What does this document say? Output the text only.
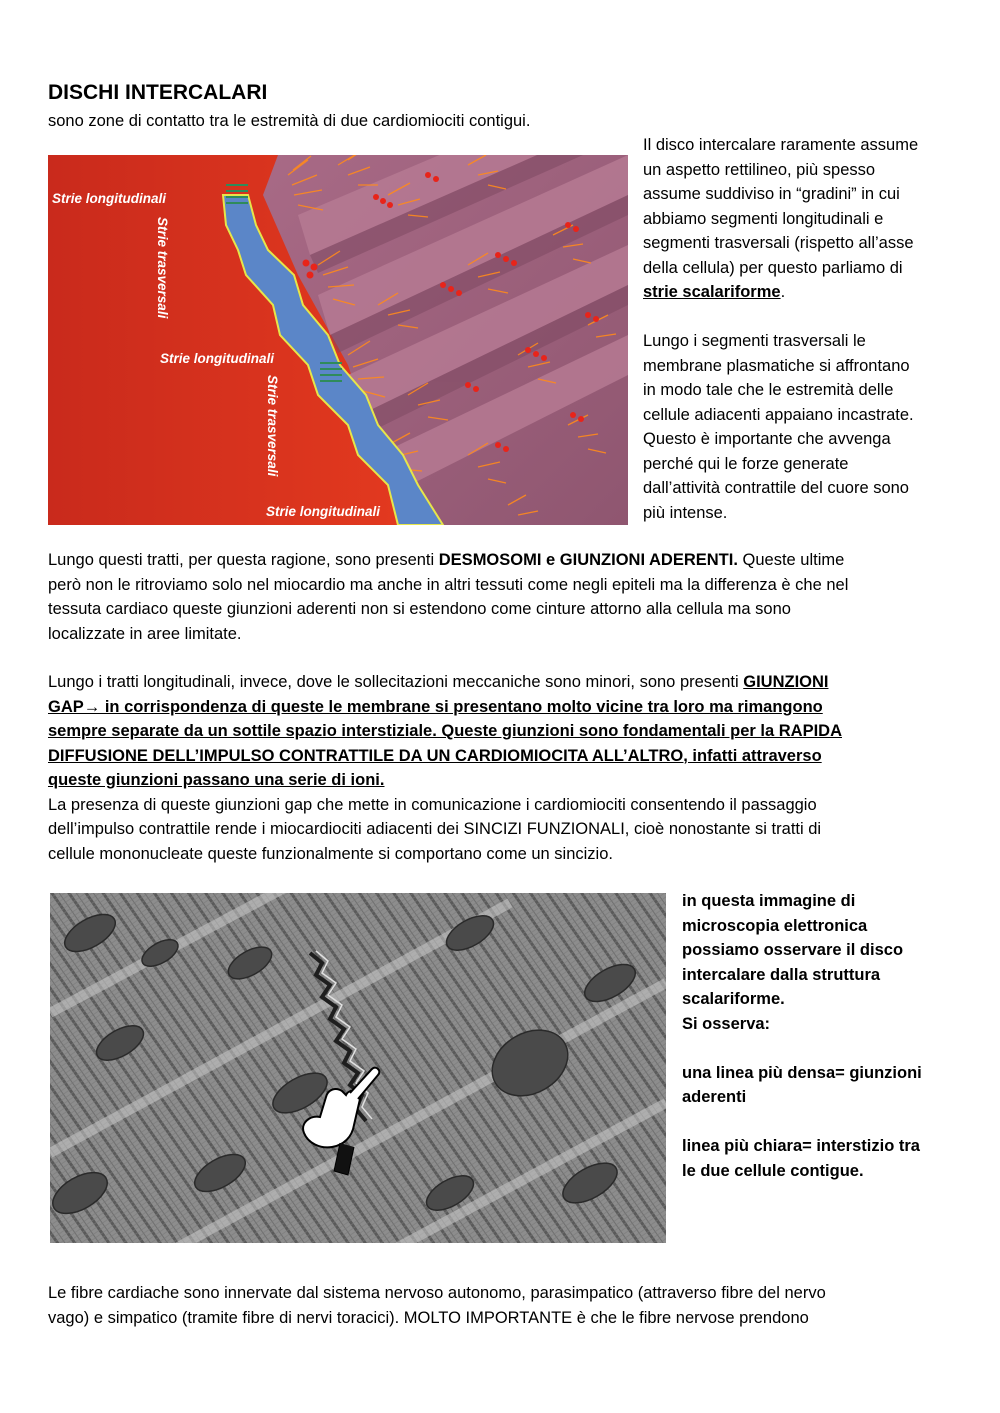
DISCHI INTERCALARI
sono zone di contatto tra le estremità di due cardiomiociti contigui.
Strie longitudinali
Strie longitudinali
Strie longitudinali
Strie trasversali
Strie trasversali
Il disco intercalare raramente assume
un aspetto rettilineo, più spesso
assume suddiviso in “gradini” in cui
abbiamo segmenti longitudinali e
segmenti trasversali (rispetto all’asse
della cellula) per questo parliamo di
strie scalariforme.

Lungo i segmenti trasversali le
membrane plasmatiche si affrontano
in modo tale che le estremità delle
cellule adiacenti appaiano incastrate.
Questo è importante che avvenga
perché qui le forze generate
dall’attività contrattile del cuore sono
più intense.
Lungo questi tratti, per questa ragione, sono presenti DESMOSOMI e GIUNZIONI ADERENTI. Queste ultime
però non le ritroviamo solo nel miocardio ma anche in altri tessuti come negli epiteli ma la differenza è che nel
tessuta cardiaco queste giunzioni aderenti non si estendono come cinture attorno alla cellula ma sono
localizzate in aree limitate.
Lungo i tratti longitudinali, invece, dove le sollecitazioni meccaniche sono minori, sono presenti GIUNZIONI
GAP→ in corrispondenza di queste le membrane si presentano molto vicine tra loro ma rimangono
sempre separate da un sottile spazio interstiziale. Queste giunzioni sono fondamentali per la RAPIDA
DIFFUSIONE DELL’IMPULSO CONTRATTILE DA UN CARDIOMIOCITA ALL’ALTRO, infatti attraverso
queste giunzioni passano una serie di ioni.
La presenza di queste giunzioni gap che mette in comunicazione i cardiomiociti consentendo il passaggio
dell’impulso contrattile rende i miocardiociti adiacenti dei SINCIZI FUNZIONALI, cioè nonostante si tratti di
cellule mononucleate queste funzionalmente si comportano come un sincizio.
in questa immagine di
microscopia elettronica
possiamo osservare il disco
intercalare dalla struttura
scalariforme.
Si osserva:

una linea più densa= giunzioni
aderenti

linea più chiara= interstizio tra
le due cellule contigue.
Le fibre cardiache sono innervate dal sistema nervoso autonomo, parasimpatico (attraverso fibre del nervo
vago) e simpatico (tramite fibre di nervi toracici). MOLTO IMPORTANTE è che le fibre nervose prendono
